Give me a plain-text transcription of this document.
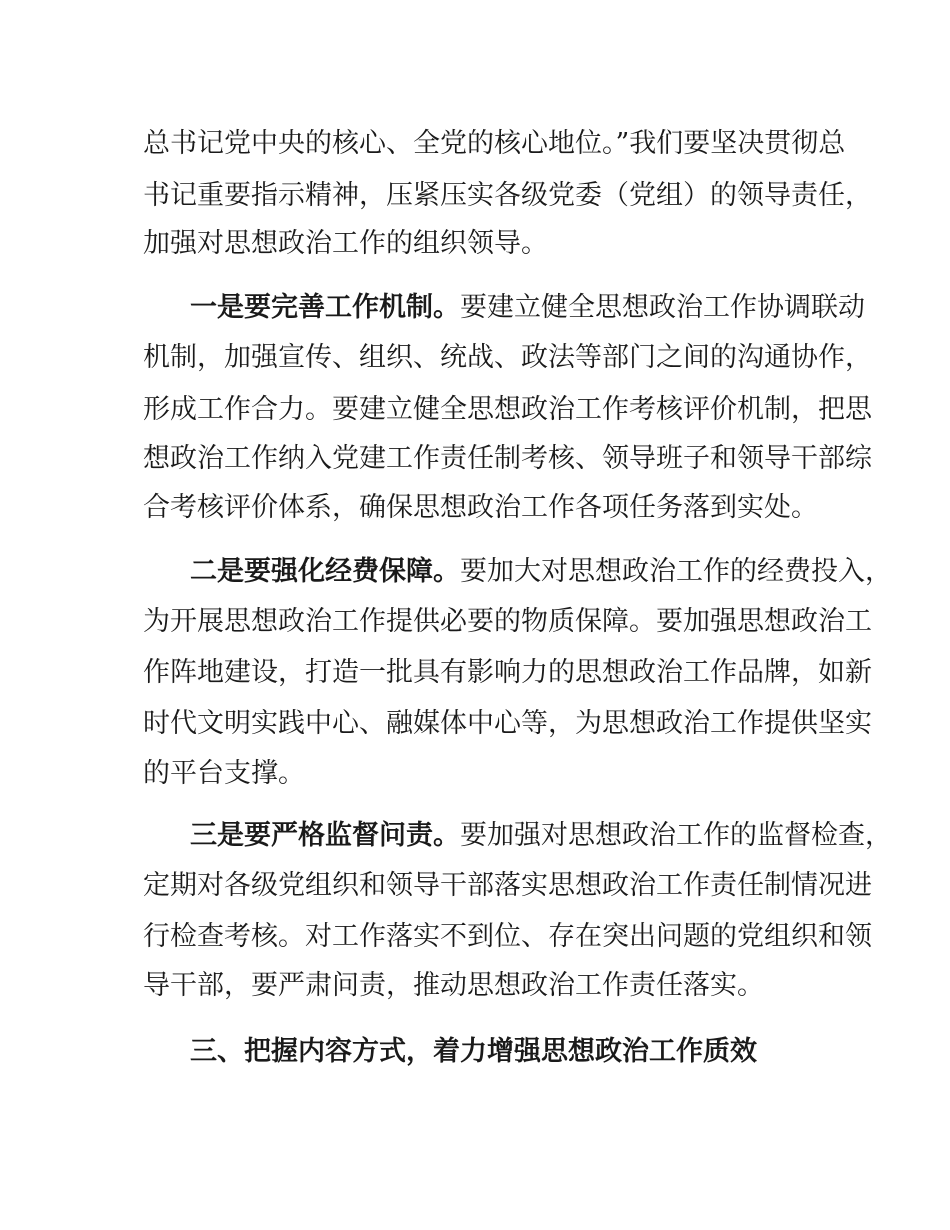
总书记党中央的核心、全党的核心地位。”我们要坚决贯彻总
书记重要指示精神，压紧压实各级党委（党组）的领导责任，
加强对思想政治工作的组织领导。
一是要完善工作机制。要建立健全思想政治工作协调联动
机制，加强宣传、组织、统战、政法等部门之间的沟通协作，
形成工作合力。要建立健全思想政治工作考核评价机制，把思
想政治工作纳入党建工作责任制考核、领导班子和领导干部综
合考核评价体系，确保思想政治工作各项任务落到实处。
二是要强化经费保障。要加大对思想政治工作的经费投入，
为开展思想政治工作提供必要的物质保障。要加强思想政治工
作阵地建设，打造一批具有影响力的思想政治工作品牌，如新
时代文明实践中心、融媒体中心等，为思想政治工作提供坚实
的平台支撑。
三是要严格监督问责。要加强对思想政治工作的监督检查，
定期对各级党组织和领导干部落实思想政治工作责任制情况进
行检查考核。对工作落实不到位、存在突出问题的党组织和领
导干部，要严肃问责，推动思想政治工作责任落实。
三、把握内容方式，着力增强思想政治工作质效
